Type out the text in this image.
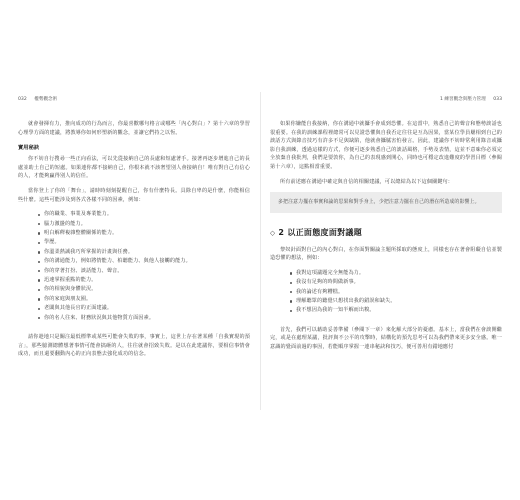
032 權勢觀念術

就會發揮有力，推向成功的行為而言，你最喜歡哪句格言或哪些「內心對白」？第十六章的學習心理學方面的建議，將教導你如何形塑新的觀念，並讓它們持之以恆。

實用秘訣

你不妨自行搜尋一些正向看法，可以先從接納自己的長處和短處著手。接著再逐步增進自己的長處並助土自己的短處。如果連你都不接納自己，你根本就不該奢望別人會接納自！唯有對自己有信心的人，才能夠贏得別人的信任。

當你登上了你的「舞台」，請時時刻刻提醒自己，你有什麼特長。具除自卑的是什麼，你能相信些什麼。這些可能涉及到各式各樣不同的因素，例如：

你的職業、事業及專業能力。
腦力激盪的能力。
明白解釋複雜整體關係的能力。
學歷。
你溫柔熱誠我巧所掌握的計畫與任務。
你的溝通能力，例如將情能力、柏聽能力、與他人接觸的能力。
你的穿著打扮、談話能力、聲音。
迅速掌握重點的能力。
你的相貌與身體狀況。
你的家庭與朋友圈。
老闆與其他長官的正面建議。
你的名人往來、財務狀況與其他物質方面因素。

請你趁地只是關注最低標準或某些可能會失敗的事，事實上，這世上存在著某種「自我實現的預言」，那些臆測總體想著事情可能會搞砸的人，往往就會招致失敗。是以在此建議你，要相信事情會成功，而且還要翻動內心的正向表態去強化成功的信念。

1 練習觀念與壓力管理 033

如果你嫌能自我接納，你在溝通中就攝手會成到恐懼。在這當中，熟悉自己的聲音和態勢談話也很重要。在我的訓練課程裡總常可以見證恐懼與自我否定往往是互為因果，當某位學員屢相到自己的談話方式與錄音技巧有許多不足與缺陷，他就會攝膩害怕發言。因此，建議你不妨時常利用錄音或攝影自我訓練，透過這樣的方式，你便可逐步熟悉自己的談話風格，手勢及表情，這並不意味你必須完全放棄自我批判，我們是要敦你，為自己的表現感到開心，同時也可穩定改進難度的學習目標（參閱第十六章），這點相當重要。

所有前述應在溝通中確定與自信的相關建議，可以總結為以下這個關鍵句：

多把注意力擺在事實和論的思果和對手身上，少把注意力擺在自己的潛在所造成的影響上。

◇ 2 以正面態度面對議題

黎奴針面對自己的內心對白，在你面對關論主題所採取的態度上，同樣也存在著會阻礙自信並製造恐懼的想法，例如：

我對這項議題完全無能為力。
我沒有足夠的時間做新事。
我的論述有夠糟糕。
理解聽眾的聽覺只想找出我的錯誤和缺失。
我不想因為我的一知半解而出糗。

首先，我們可以藉助妥善準備（參閱下一章）來化解大部分的憂慮。基本上，當我們在會談開繼完，或是在處理某議，批評與不公平的攻擊時，結構化的預先思考可以為我們帶來更多安全感。唯一意識的覺面前過的事因，若能順序掌握一連串秘訣和技巧，便可善用有錯地應付
